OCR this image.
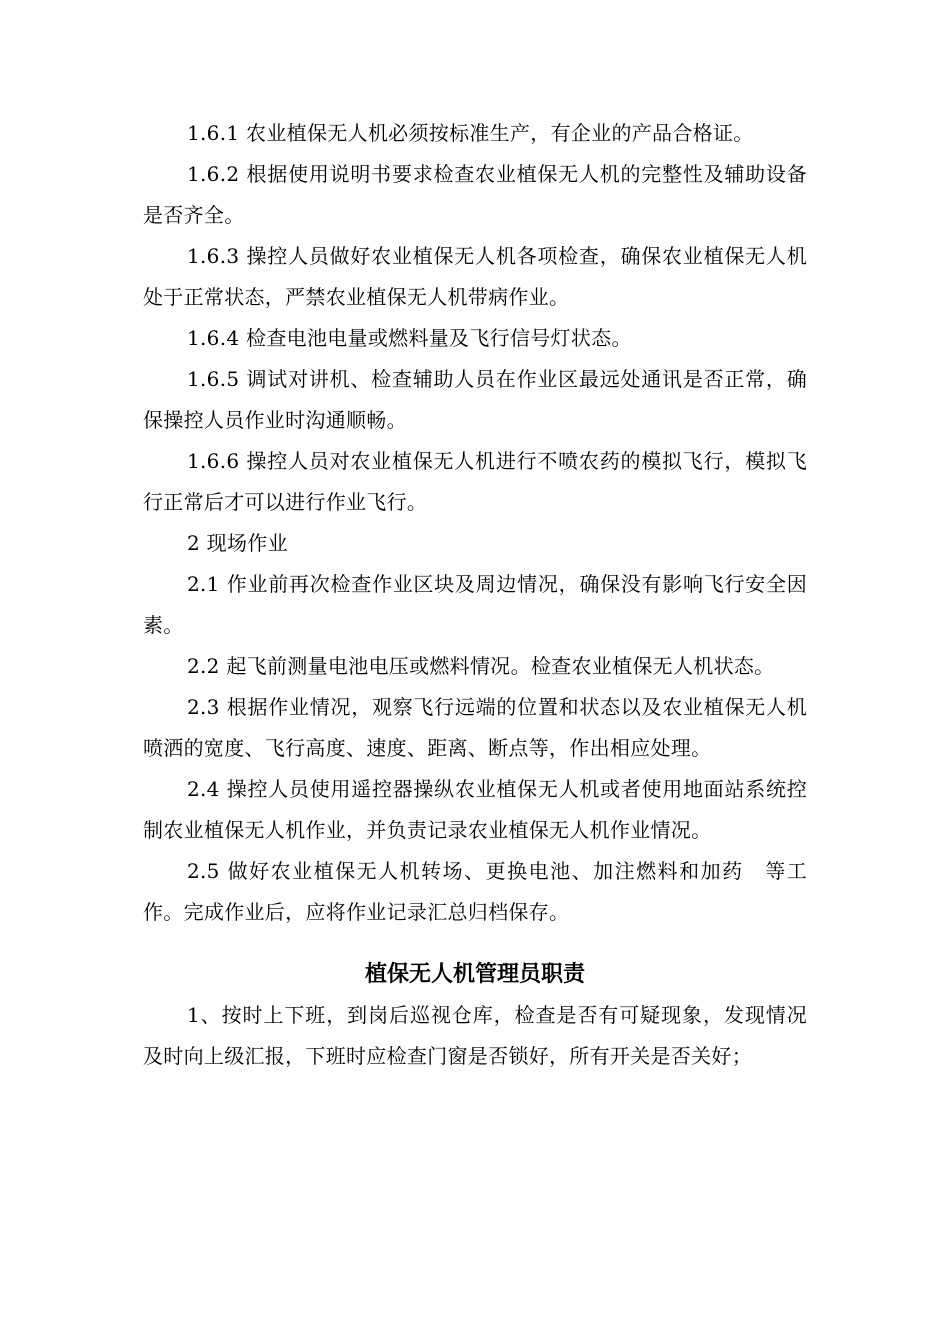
1.6.1 农业植保无人机必须按标准生产，有企业的产品合格证。

1.6.2 根据使用说明书要求检查农业植保无人机的完整性及辅助设备是否齐全。

1.6.3 操控人员做好农业植保无人机各项检查，确保农业植保无人机处于正常状态，严禁农业植保无人机带病作业。

1.6.4 检查电池电量或燃料量及飞行信号灯状态。

1.6.5 调试对讲机、检查辅助人员在作业区最远处通讯是否正常，确保操控人员作业时沟通顺畅。

1.6.6 操控人员对农业植保无人机进行不喷农药的模拟飞行，模拟飞行正常后才可以进行作业飞行。

2 现场作业

2.1 作业前再次检查作业区块及周边情况，确保没有影响飞行安全因素。

2.2 起飞前测量电池电压或燃料情况。检查农业植保无人机状态。

2.3 根据作业情况，观察飞行远端的位置和状态以及农业植保无人机喷洒的宽度、飞行高度、速度、距离、断点等，作出相应处理。

2.4 操控人员使用遥控器操纵农业植保无人机或者使用地面站系统控制农业植保无人机作业，并负责记录农业植保无人机作业情况。

2.5 做好农业植保无人机转场、更换电池、加注燃料和加药　等工作。完成作业后，应将作业记录汇总归档保存。

植保无人机管理员职责

1、按时上下班，到岗后巡视仓库，检查是否有可疑现象，发现情况及时向上级汇报，下班时应检查门窗是否锁好，所有开关是否关好；
